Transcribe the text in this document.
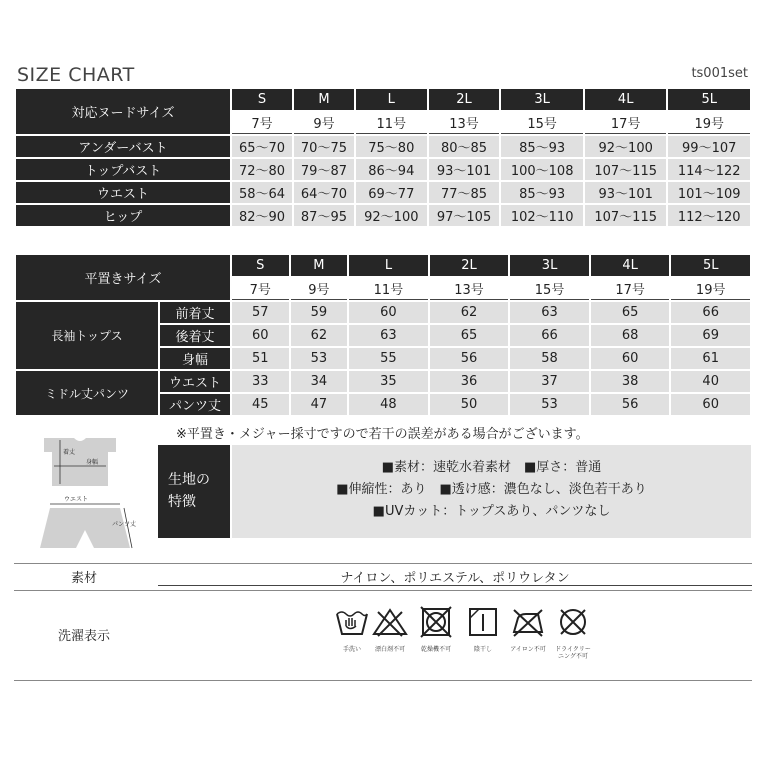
SIZE CHART	ts001set
対応ヌードサイズ	S	M	L	2L	3L	4L	5L
	7号	9号	11号	13号	15号	17号	19号
アンダーバスト	65～70	70～75	75～80	80～85	85～93	92～100	99～107
トップバスト	72～80	79～87	86～94	93～101	100～108	107～115	114～122
ウエスト	58～64	64～70	69～77	77～85	85～93	93～101	101～109
ヒップ	82～90	87～95	92～100	97～105	102～110	107～115	112～120
平置きサイズ		S	M	L	2L	3L	4L	5L
		7号	9号	11号	13号	15号	17号	19号
長袖トップス	前着丈	57	59	60	62	63	65	66
	後着丈	60	62	63	65	66	68	69
	身幅	51	53	55	56	58	60	61
ミドル丈パンツ	ウエスト	33	34	35	36	37	38	40
	パンツ丈	45	47	48	50	53	56	60
※平置き・メジャー採寸ですので若干の誤差がある場合がございます。
着丈
身幅
ウエスト
パンツ丈
生地の
特徴
■素材：速乾水着素材　■厚さ：普通
■伸縮性：あり　■透け感：濃色なし、淡色若干あり
■UVカット：トップスあり、パンツなし
素材	ナイロン、ポリエステル、ポリウレタン
洗濯表示
手洗い	漂白剤不可	乾燥機不可	陰干し	アイロン不可	ドライクリー
ニング不可
